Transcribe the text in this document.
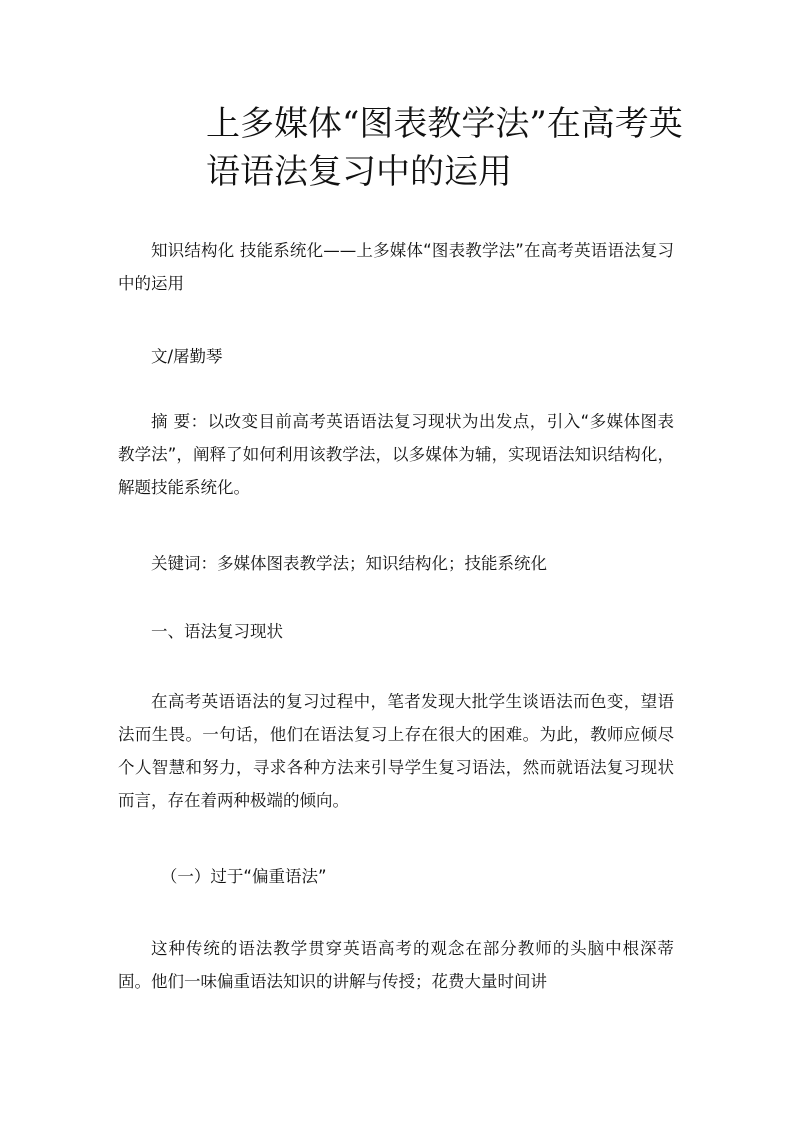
上多媒体“图表教学法”在高考英语语法复习中的运用

知识结构化 技能系统化——上多媒体“图表教学法”在高考英语语法复习中的运用

文/屠勤琴

摘 要：以改变目前高考英语语法复习现状为出发点，引入“多媒体图表教学法”，阐释了如何利用该教学法，以多媒体为辅，实现语法知识结构化，解题技能系统化。

关键词：多媒体图表教学法；知识结构化；技能系统化

一、语法复习现状

在高考英语语法的复习过程中，笔者发现大批学生谈语法而色变，望语法而生畏。一句话，他们在语法复习上存在很大的困难。为此，教师应倾尽个人智慧和努力，寻求各种方法来引导学生复习语法，然而就语法复习现状而言，存在着两种极端的倾向。

（一）过于“偏重语法”

这种传统的语法教学贯穿英语高考的观念在部分教师的头脑中根深蒂固。他们一味偏重语法知识的讲解与传授；花费大量时间讲
